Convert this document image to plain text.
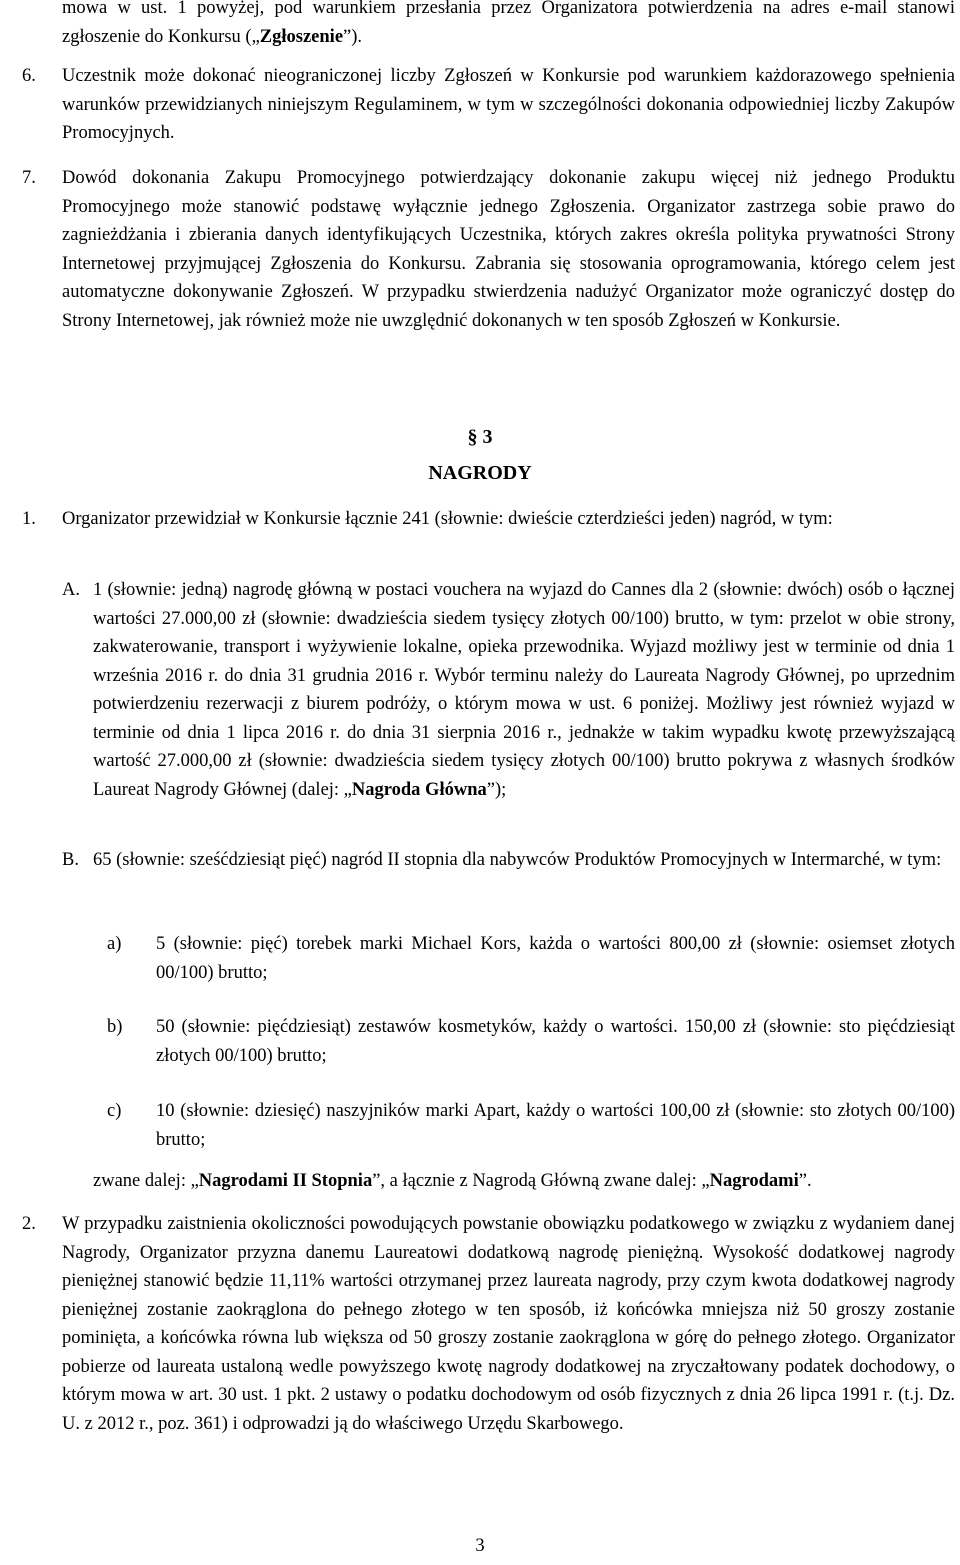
mowa w ust. 1 powyżej, pod warunkiem przesłania przez Organizatora potwierdzenia na adres e-mail stanowi zgłoszenie do Konkursu („Zgłoszenie”).

6. Uczestnik może dokonać nieograniczonej liczby Zgłoszeń w Konkursie pod warunkiem każdorazowego spełnienia warunków przewidzianych niniejszym Regulaminem, w tym w szczególności dokonania odpowiedniej liczby Zakupów Promocyjnych.

7. Dowód dokonania Zakupu Promocyjnego potwierdzający dokonanie zakupu więcej niż jednego Produktu Promocyjnego może stanowić podstawę wyłącznie jednego Zgłoszenia. Organizator zastrzega sobie prawo do zagnieżdżania i zbierania danych identyfikujących Uczestnika, których zakres określa polityka prywatności Strony Internetowej przyjmującej Zgłoszenia do Konkursu. Zabrania się stosowania oprogramowania, którego celem jest automatyczne dokonywanie Zgłoszeń. W przypadku stwierdzenia nadużyć Organizator może ograniczyć dostęp do Strony Internetowej, jak również może nie uwzględnić dokonanych w ten sposób Zgłoszeń w Konkursie.

§ 3
NAGRODY
1. Organizator przewidział w Konkursie łącznie 241 (słownie: dwieście czterdzieści jeden) nagród, w tym:

A. 1 (słownie: jedną) nagrodę główną w postaci vouchera na wyjazd do Cannes dla 2 (słownie: dwóch) osób o łącznej wartości 27.000,00 zł (słownie: dwadzieścia siedem tysięcy złotych 00/100) brutto, w tym: przelot w obie strony, zakwaterowanie, transport i wyżywienie lokalne, opieka przewodnika. Wyjazd możliwy jest w terminie od dnia 1 września 2016 r. do dnia 31 grudnia 2016 r. Wybór terminu należy do Laureata Nagrody Głównej, po uprzednim potwierdzeniu rezerwacji z biurem podróży, o którym mowa w ust. 6 poniżej. Możliwy jest również wyjazd w terminie od dnia 1 lipca 2016 r. do dnia 31 sierpnia 2016 r., jednakże w takim wypadku kwotę przewyższającą wartość 27.000,00 zł (słownie: dwadzieścia siedem tysięcy złotych 00/100) brutto pokrywa z własnych środków Laureat Nagrody Głównej (dalej: „Nagroda Główna”);

B. 65 (słownie: sześćdziesiąt pięć) nagród II stopnia dla nabywców Produktów Promocyjnych w Intermarché, w tym:

a) 5 (słownie: pięć) torebek marki Michael Kors, każda o wartości 800,00 zł (słownie: osiemset złotych 00/100) brutto;

b) 50 (słownie: pięćdziesiąt) zestawów kosmetyków, każdy o wartości. 150,00 zł (słownie: sto pięćdziesiąt złotych 00/100) brutto;

c) 10 (słownie: dziesięć) naszyjników marki Apart, każdy o wartości 100,00 zł (słownie: sto złotych 00/100) brutto;

zwane dalej: „Nagrodami II Stopnia”, a łącznie z Nagrodą Główną zwane dalej: „Nagrodami”.

2. W przypadku zaistnienia okoliczności powodujących powstanie obowiązku podatkowego w związku z wydaniem danej Nagrody, Organizator przyzna danemu Laureatowi dodatkową nagrodę pieniężną. Wysokość dodatkowej nagrody pieniężnej stanowić będzie 11,11% wartości otrzymanej przez laureata nagrody, przy czym kwota dodatkowej nagrody pieniężnej zostanie zaokrąglona do pełnego złotego w ten sposób, iż końcówka mniejsza niż 50 groszy zostanie pominięta, a końcówka równa lub większa od 50 groszy zostanie zaokrąglona w górę do pełnego złotego. Organizator pobierze od laureata ustaloną wedle powyższego kwotę nagrody dodatkowej na zryczałtowany podatek dochodowy, o którym mowa w art. 30 ust. 1 pkt. 2 ustawy o podatku dochodowym od osób fizycznych z dnia 26 lipca 1991 r. (t.j. Dz. U. z 2012 r., poz. 361) i odprowadzi ją do właściwego Urzędu Skarbowego.

3
